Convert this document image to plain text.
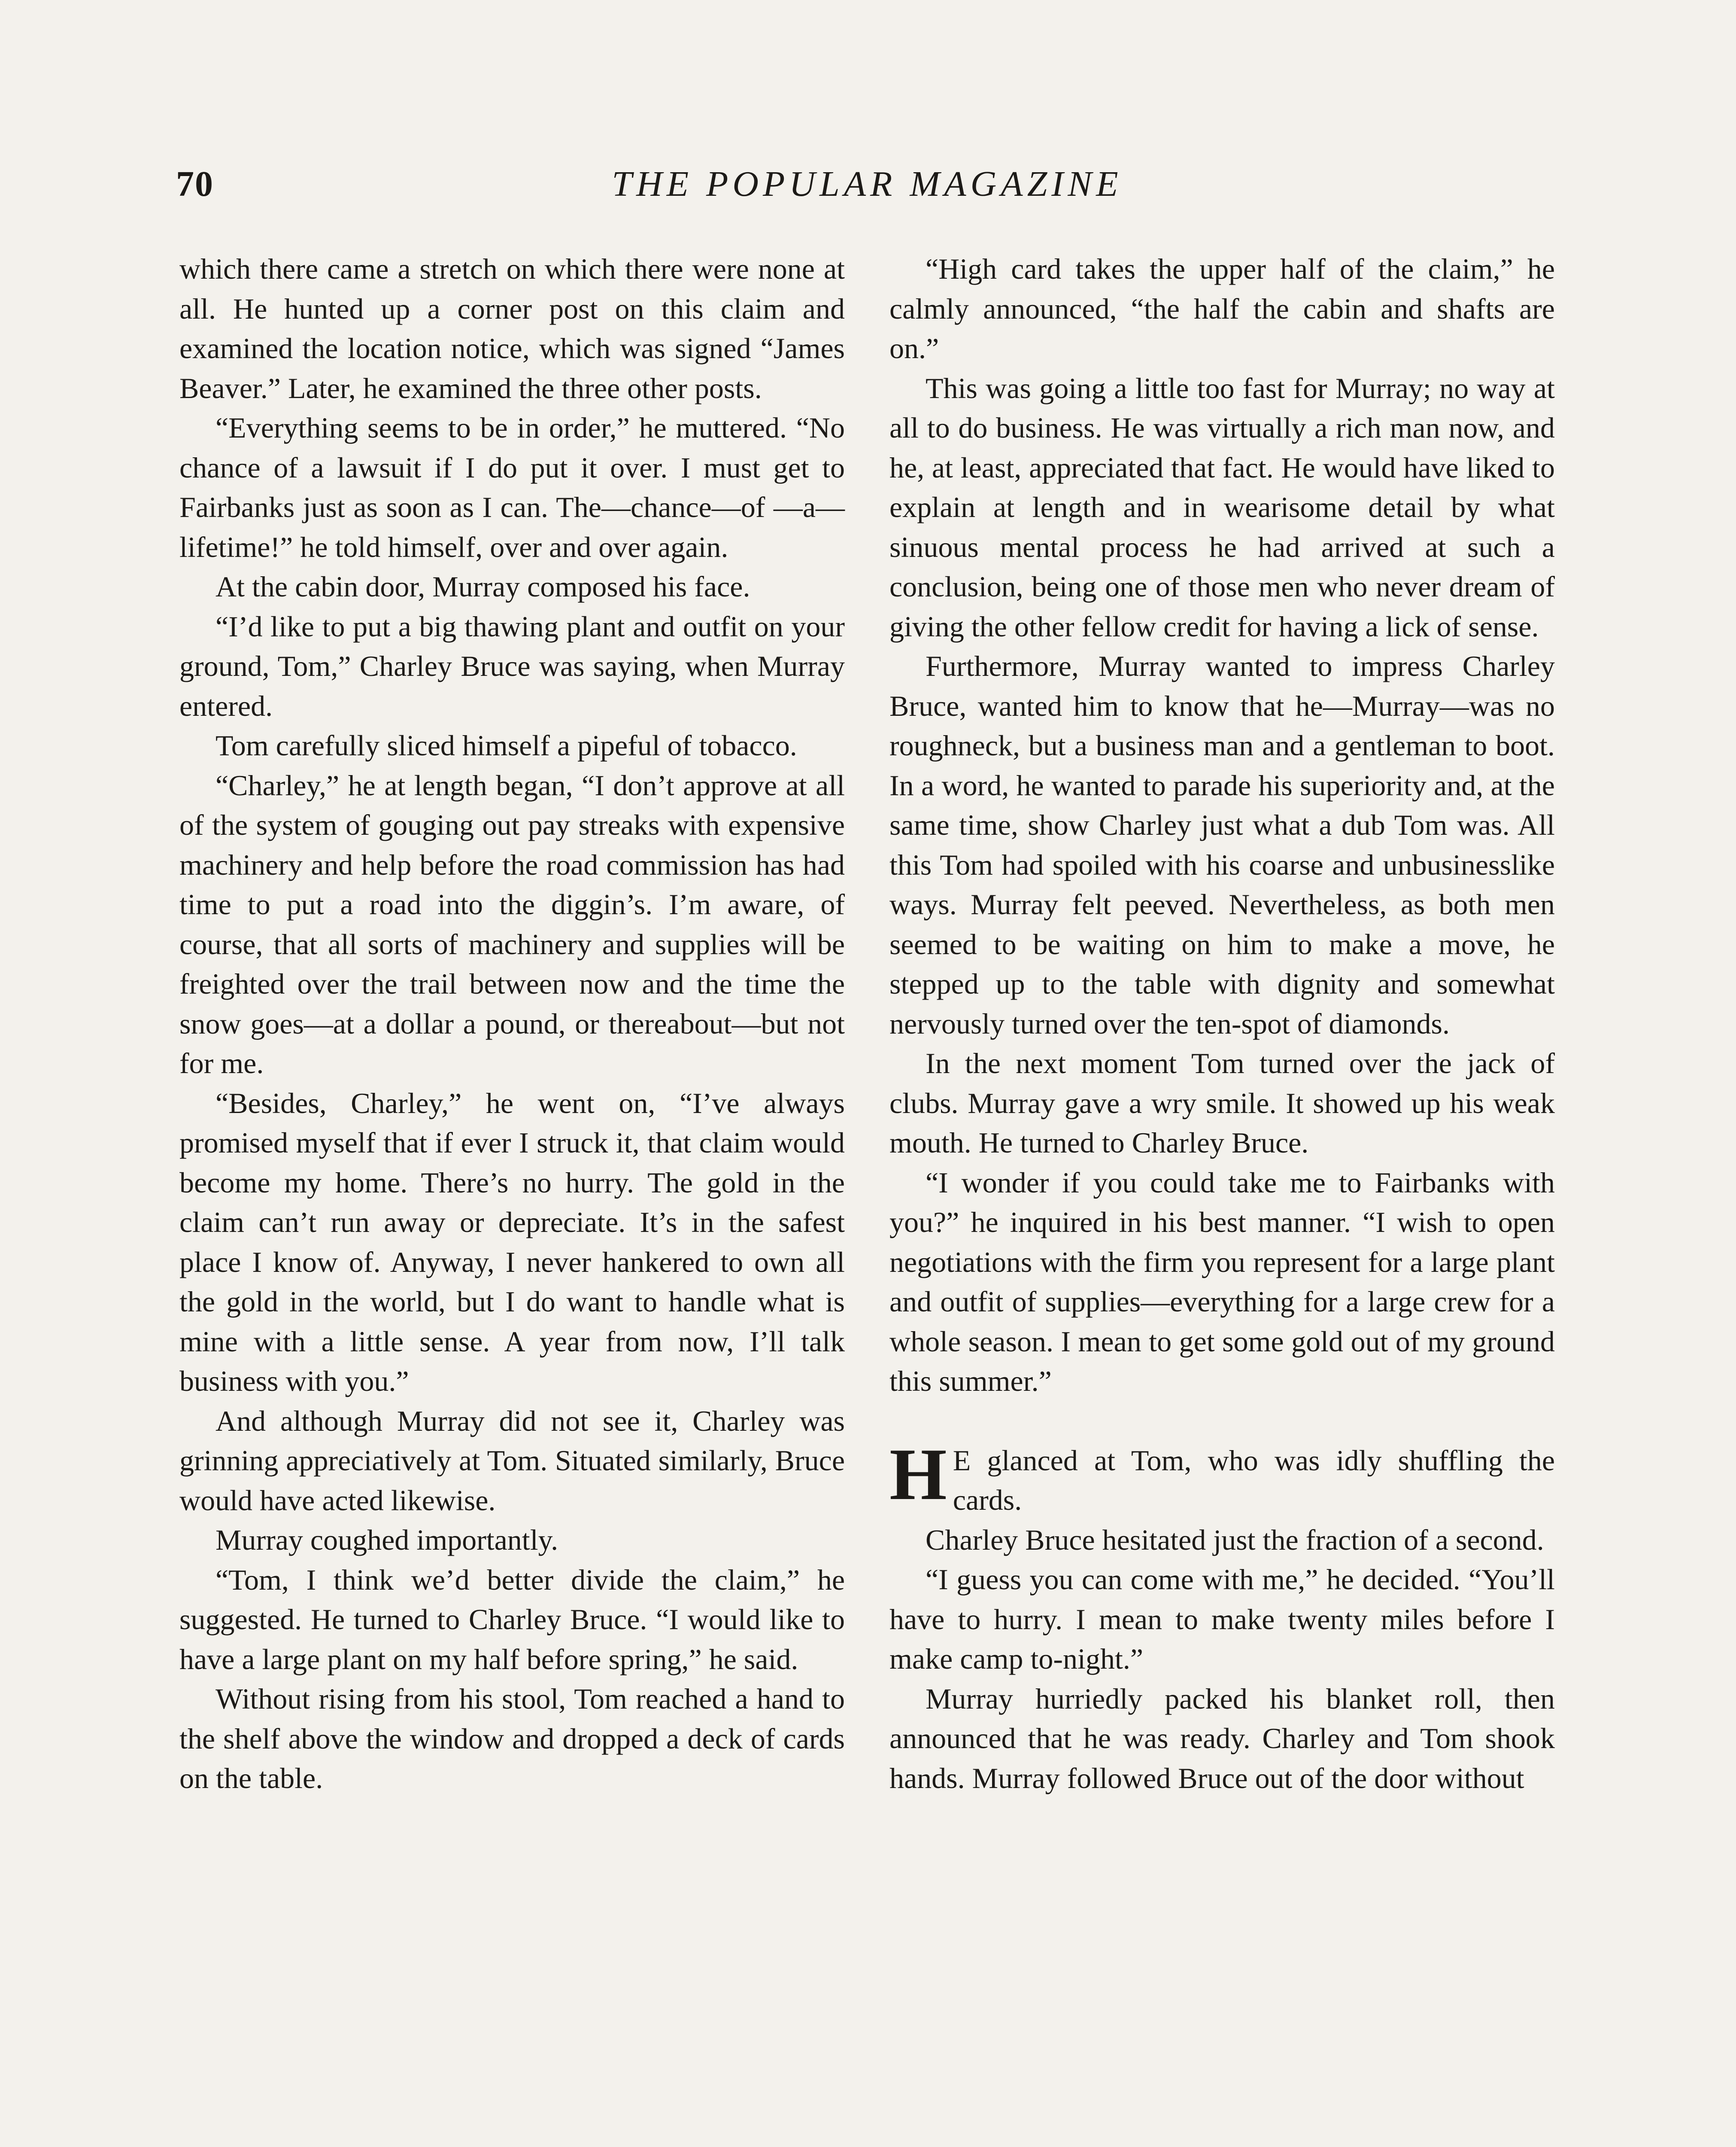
70	THE POPULAR MAGAZINE

which there came a stretch on which there were none at all. He hunted up a corner post on this claim and examined the location notice, which was signed “James Beaver.” Later, he examined the three other posts.

“Everything seems to be in order,” he muttered. “No chance of a lawsuit if I do put it over. I must get to Fairbanks just as soon as I can. The—chance—of —a—lifetime!” he told himself, over and over again.

At the cabin door, Murray composed his face.

“I’d like to put a big thawing plant and outfit on your ground, Tom,” Charley Bruce was saying, when Murray entered.

Tom carefully sliced himself a pipeful of tobacco.

“Charley,” he at length began, “I don’t approve at all of the system of gouging out pay streaks with expensive machinery and help before the road commission has had time to put a road into the diggin’s. I’m aware, of course, that all sorts of machinery and supplies will be freighted over the trail between now and the time the snow goes—at a dollar a pound, or thereabout—but not for me.

“Besides, Charley,” he went on, “I’ve always promised myself that if ever I struck it, that claim would become my home. There’s no hurry. The gold in the claim can’t run away or depreciate. It’s in the safest place I know of. Anyway, I never hankered to own all the gold in the world, but I do want to handle what is mine with a little sense. A year from now, I’ll talk business with you.”

And although Murray did not see it, Charley was grinning appreciatively at Tom. Situated similarly, Bruce would have acted likewise.

Murray coughed importantly.

“Tom, I think we’d better divide the claim,” he suggested. He turned to Charley Bruce. “I would like to have a large plant on my half before spring,” he said.

Without rising from his stool, Tom reached a hand to the shelf above the window and dropped a deck of cards on the table.

“High card takes the upper half of the claim,” he calmly announced, “the half the cabin and shafts are on.”

This was going a little too fast for Murray; no way at all to do business. He was virtually a rich man now, and he, at least, appreciated that fact. He would have liked to explain at length and in wearisome detail by what sinuous mental process he had arrived at such a conclusion, being one of those men who never dream of giving the other fellow credit for having a lick of sense.

Furthermore, Murray wanted to impress Charley Bruce, wanted him to know that he—Murray—was no roughneck, but a business man and a gentleman to boot. In a word, he wanted to parade his superiority and, at the same time, show Charley just what a dub Tom was. All this Tom had spoiled with his coarse and unbusinesslike ways. Murray felt peeved. Nevertheless, as both men seemed to be waiting on him to make a move, he stepped up to the table with dignity and somewhat nervously turned over the ten-spot of diamonds.

In the next moment Tom turned over the jack of clubs. Murray gave a wry smile. It showed up his weak mouth. He turned to Charley Bruce.

“I wonder if you could take me to Fairbanks with you?” he inquired in his best manner. “I wish to open negotiations with the firm you represent for a large plant and outfit of supplies—everything for a large crew for a whole season. I mean to get some gold out of my ground this summer.”

H E glanced at Tom, who was idly shuffling the cards.

Charley Bruce hesitated just the fraction of a second.

“I guess you can come with me,” he decided. “You’ll have to hurry. I mean to make twenty miles before I make camp to-night.”

Murray hurriedly packed his blanket roll, then announced that he was ready. Charley and Tom shook hands. Murray followed Bruce out of the door without
